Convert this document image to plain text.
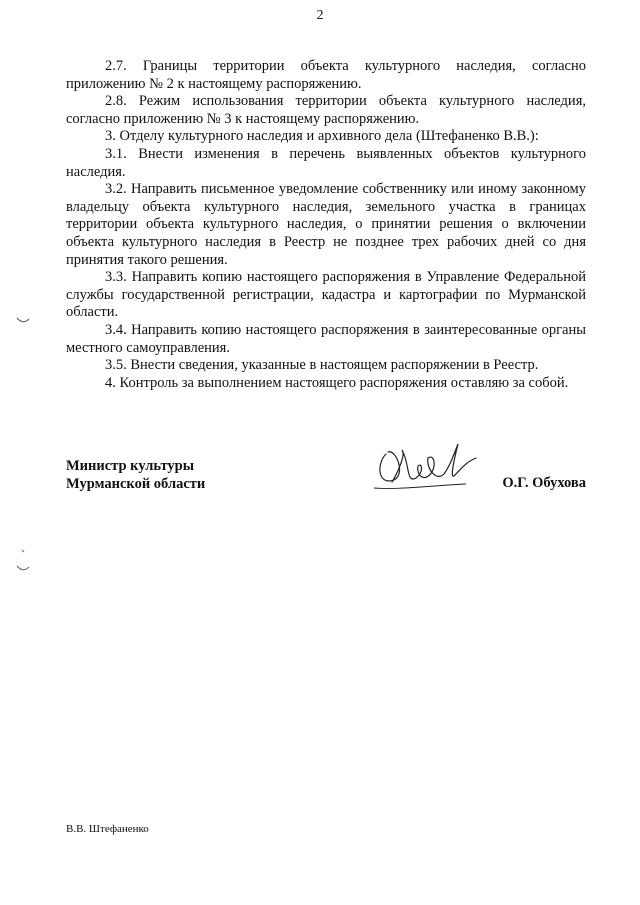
2

2.7. Границы территории объекта культурного наследия, согласно приложению № 2 к настоящему распоряжению.

2.8. Режим использования территории объекта культурного наследия, согласно приложению № 3 к настоящему распоряжению.

3. Отделу культурного наследия и архивного дела (Штефаненко В.В.):

3.1. Внести изменения в перечень выявленных объектов культурного наследия.

3.2. Направить письменное уведомление собственнику или иному законному владельцу объекта культурного наследия, земельного участка в границах территории объекта культурного наследия, о принятии решения о включении объекта культурного наследия в Реестр не позднее трех рабочих дней со дня принятия такого решения.

3.3. Направить копию настоящего распоряжения в Управление Федеральной службы государственной регистрации, кадастра и картографии по Мурманской области.

3.4. Направить копию настоящего распоряжения в заинтересованные органы местного самоуправления.

3.5. Внести сведения, указанные в настоящем распоряжении в Реестр.

4. Контроль за выполнением настоящего распоряжения оставляю за собой.

Министр культуры
Мурманской области	О.Г. Обухова
В.В. Штефаненко
